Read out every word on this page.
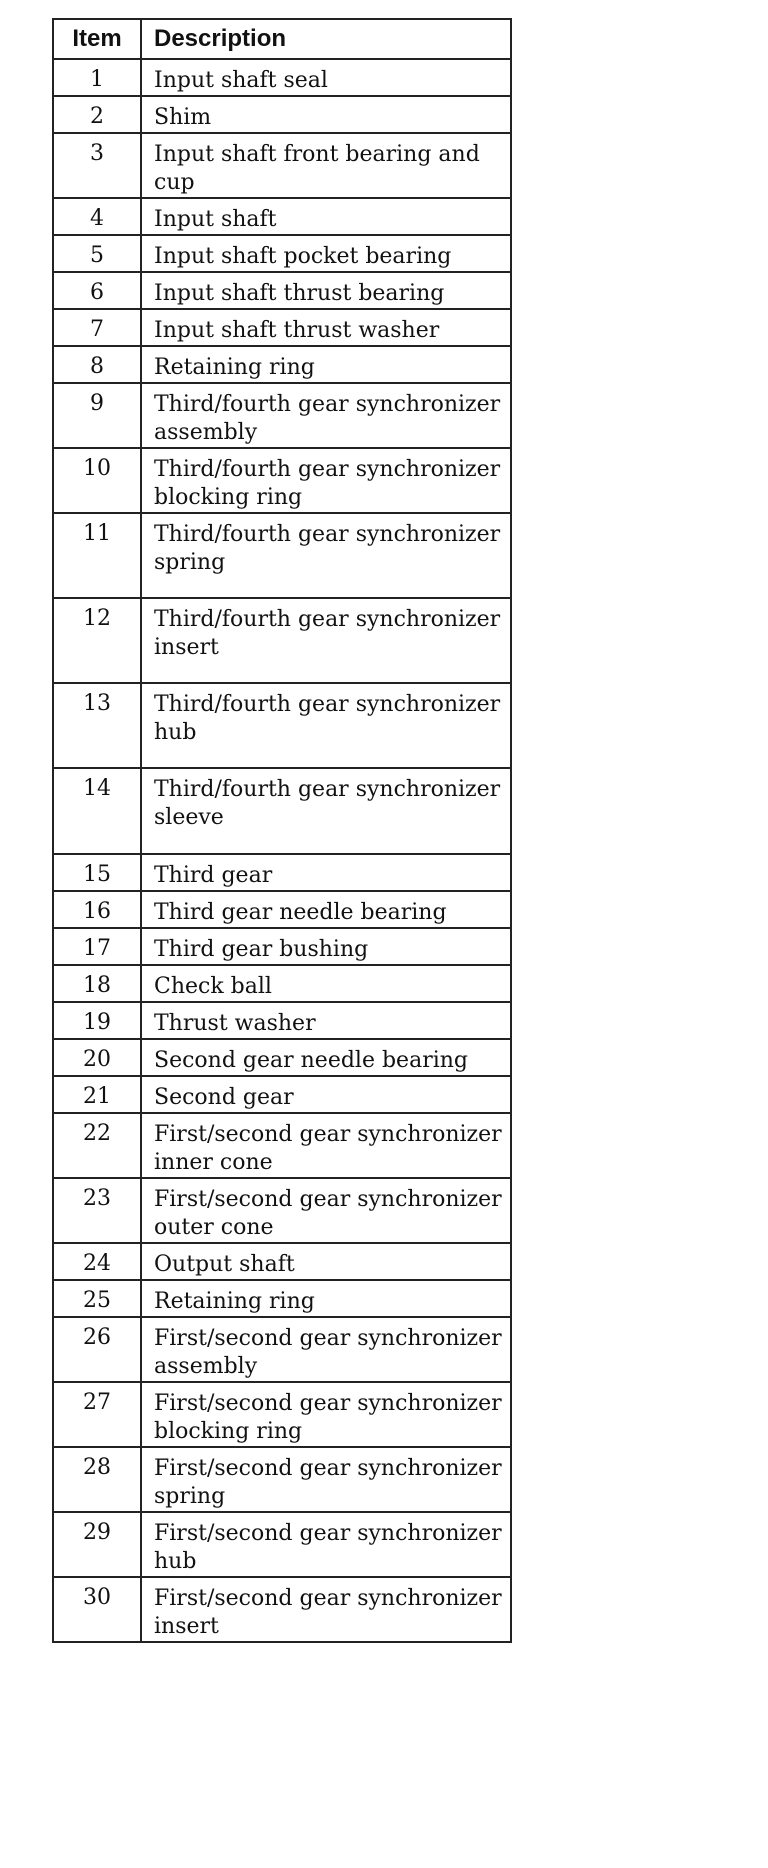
Item	Description
1	Input shaft seal
2	Shim
3	Input shaft front bearing and cup
4	Input shaft
5	Input shaft pocket bearing
6	Input shaft thrust bearing
7	Input shaft thrust washer
8	Retaining ring
9	Third/fourth gear synchronizer assembly
10	Third/fourth gear synchronizer blocking ring
11	Third/fourth gear synchronizer spring
12	Third/fourth gear synchronizer insert
13	Third/fourth gear synchronizer hub
14	Third/fourth gear synchronizer sleeve
15	Third gear
16	Third gear needle bearing
17	Third gear bushing
18	Check ball
19	Thrust washer
20	Second gear needle bearing
21	Second gear
22	First/second gear synchronizer inner cone
23	First/second gear synchronizer outer cone
24	Output shaft
25	Retaining ring
26	First/second gear synchronizer assembly
27	First/second gear synchronizer blocking ring
28	First/second gear synchronizer spring
29	First/second gear synchronizer hub
30	First/second gear synchronizer insert
